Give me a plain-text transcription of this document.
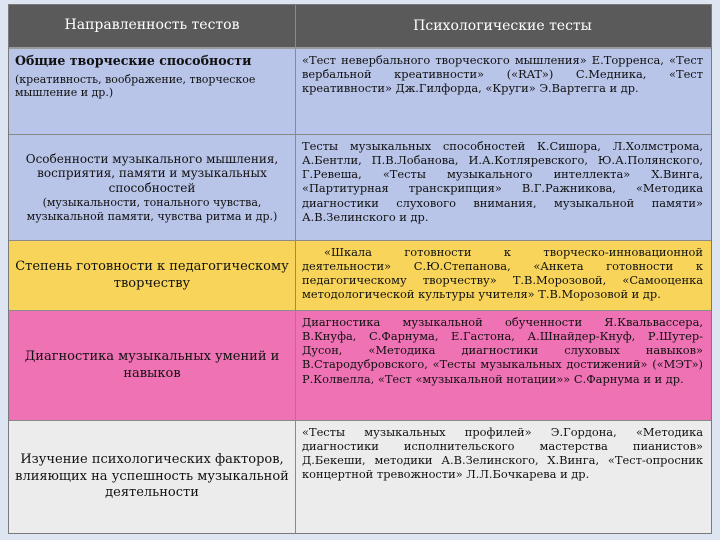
Направленность тестов	Психологические тесты
Общие творческие способности
(креативность, воображение, творческое мышление и др.)
«Тест невербального творческого мышления» Е.Торренса, «Тест вербальной креативности» («RAT») С.Медника, «Тест креативности» Дж.Гилфорда, «Круги» Э.Вартегга и др.
Особенности музыкального мышления, восприятия, памяти и музыкальных способностей
(музыкальности, тонального чувства, музыкальной памяти, чувства ритма и др.)
Тесты музыкальных способностей К.Сишора, Л.Холмстрома, А.Бентли, П.В.Лобанова, И.А.Котляревского, Ю.А.Полянского, Г.Ревеша, «Тесты музыкального интеллекта» Х.Винга, «Партитурная транскрипция» В.Г.Ражникова, «Методика диагностики слухового внимания, музыкальной памяти» А.В.Зелинского и др.
Степень готовности к педагогическому творчеству
«Шкала готовности к творческо-инновационной деятельности» С.Ю.Степанова, «Анкета готовности к педагогическому творчеству» Т.В.Морозовой, «Самооценка методологической культуры учителя» Т.В.Морозовой и др.
Диагностика музыкальных умений и навыков
Диагностика музыкальной обученности Я.Квальвассера, В.Кнуфа, С.Фарнума, Е.Гастона, А.Шнайдер-Кнуф, Р.Шутер-Дусон, «Методика диагностики слуховых навыков» В.Стародубровского, «Тесты музыкальных достижений» («МЭТ») Р.Колвелла, «Тест «музыкальной нотации»» С.Фарнума и и др.
Изучение психологических факторов, влияющих на успешность музыкальной деятельности
«Тесты музыкальных профилей» Э.Гордона, «Методика диагностики исполнительского мастерства пианистов» Д.Бекеши, методики А.В.Зелинского, Х.Винга, «Тест-опросник концертной тревожности» Л.Л.Бочкарева и др.
